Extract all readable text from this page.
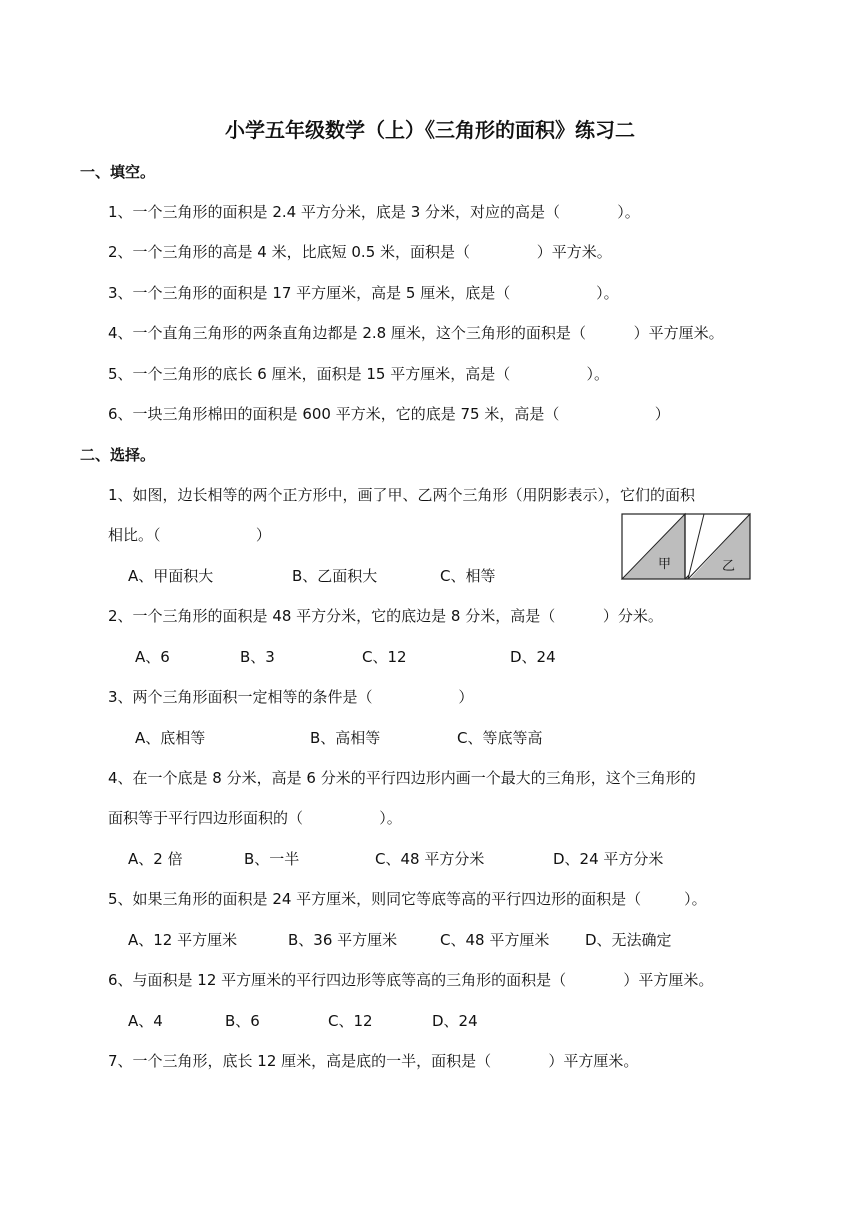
小学五年级数学（上）《三角形的面积》练习二
一、填空。
1、一个三角形的面积是 2.4 平方分米，底是 3 分米，对应的高是（            ）。
2、一个三角形的高是 4 米，比底短 0.5 米，面积是（              ）平方米。
3、一个三角形的面积是 17 平方厘米，高是 5 厘米，底是（                  ）。
4、一个直角三角形的两条直角边都是 2.8 厘米，这个三角形的面积是（          ）平方厘米。
5、一个三角形的底长 6 厘米，面积是 15 平方厘米，高是（                ）。
6、一块三角形棉田的面积是 600 平方米，它的底是 75 米，高是（                    ）
二、选择。
1、如图，边长相等的两个正方形中，画了甲、乙两个三角形（用阴影表示），它们的面积
相比。（                    ）
A、甲面积大	B、乙面积大	C、相等
甲	乙
2、一个三角形的面积是 48 平方分米，它的底边是 8 分米，高是（          ）分米。
A、6	B、3	C、12	D、24
3、两个三角形面积一定相等的条件是（                  ）
A、底相等	B、高相等	C、等底等高
4、在一个底是 8 分米，高是 6 分米的平行四边形内画一个最大的三角形，这个三角形的
面积等于平行四边形面积的（                ）。
A、2 倍	B、一半	C、48 平方分米	D、24 平方分米
5、如果三角形的面积是 24 平方厘米，则同它等底等高的平行四边形的面积是（         ）。
A、12 平方厘米	B、36 平方厘米	C、48 平方厘米 D、无法确定
6、与面积是 12 平方厘米的平行四边形等底等高的三角形的面积是（            ）平方厘米。
A、4	B、6	C、12	D、24
7、一个三角形，底长 12 厘米，高是底的一半，面积是（            ）平方厘米。
